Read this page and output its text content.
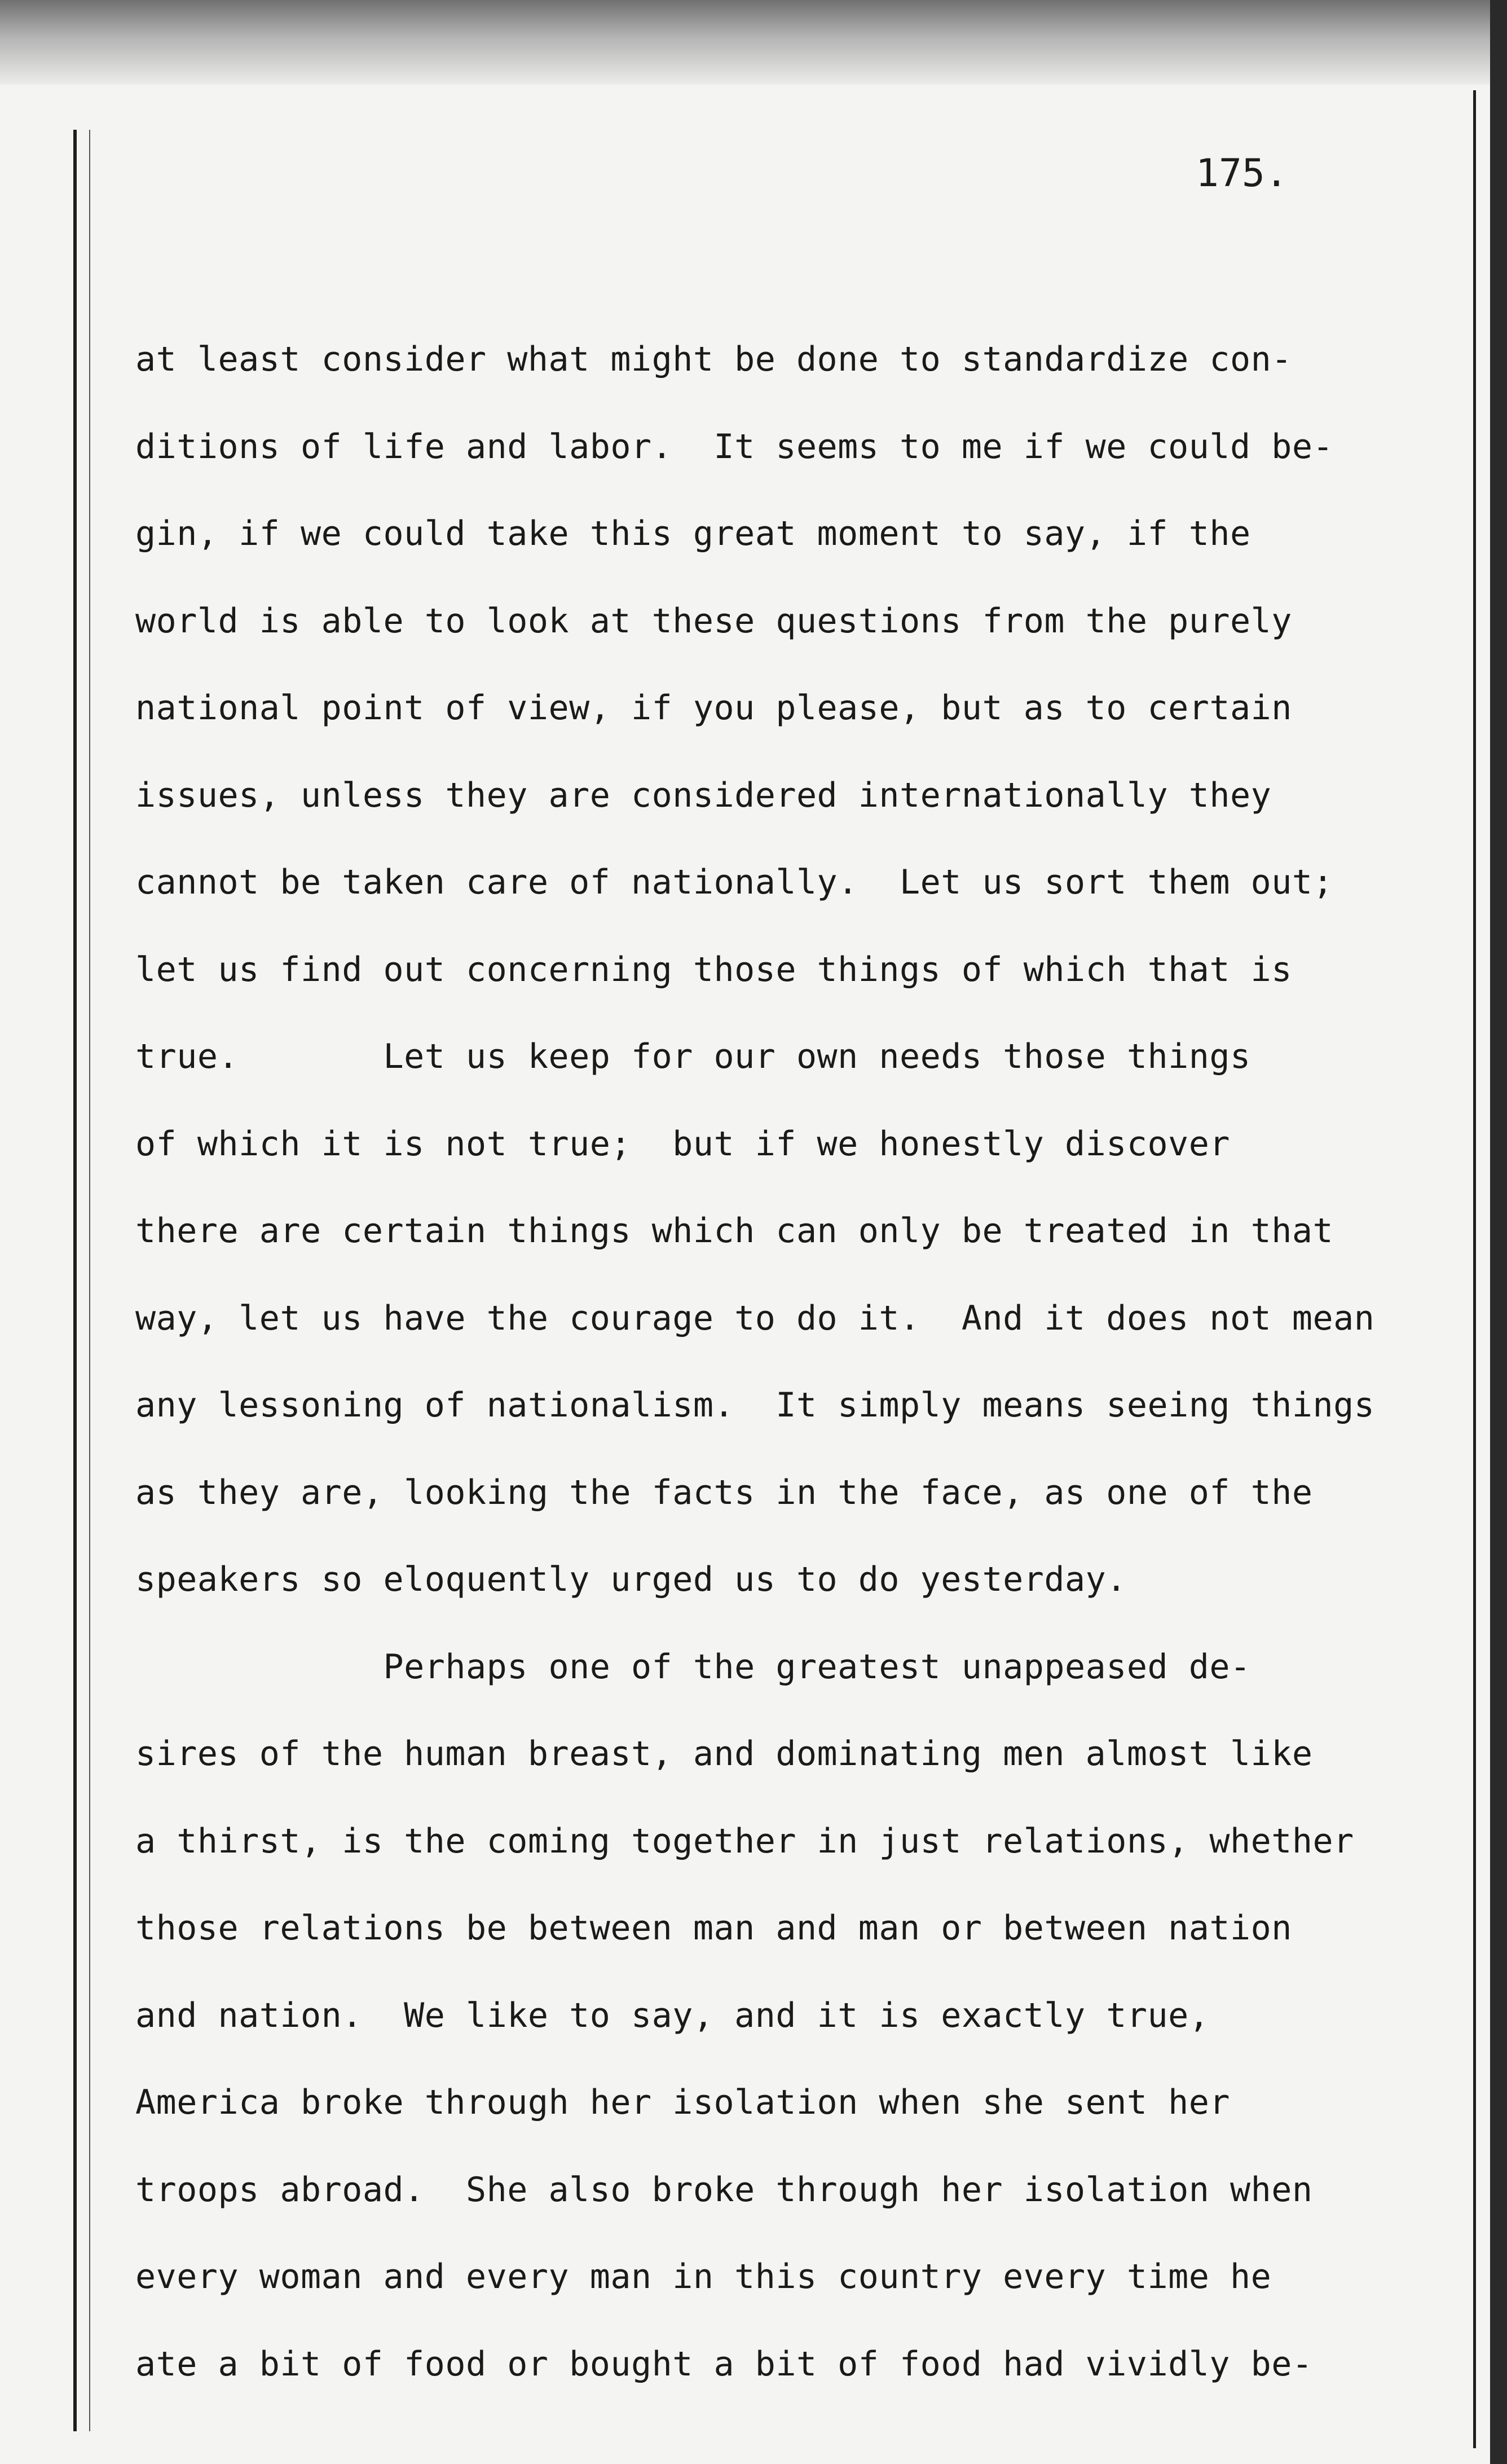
175.

at least consider what might be done to standardize con-
ditions of life and labor.  It seems to me if we could be-
gin, if we could take this great moment to say, if the
world is able to look at these questions from the purely
national point of view, if you please, but as to certain
issues, unless they are considered internationally they
cannot be taken care of nationally.  Let us sort them out;
let us find out concerning those things of which that is
true.       Let us keep for our own needs those things
of which it is not true;  but if we honestly discover
there are certain things which can only be treated in that
way, let us have the courage to do it.  And it does not mean
any lessoning of nationalism.  It simply means seeing things
as they are, looking the facts in the face, as one of the
speakers so eloquently urged us to do yesterday.
Perhaps one of the greatest unappeased de-
sires of the human breast, and dominating men almost like
a thirst, is the coming together in just relations, whether
those relations be between man and man or between nation
and nation.  We like to say, and it is exactly true,
America broke through her isolation when she sent her
troops abroad.  She also broke through her isolation when
every woman and every man in this country every time he
ate a bit of food or bought a bit of food had vividly be-
